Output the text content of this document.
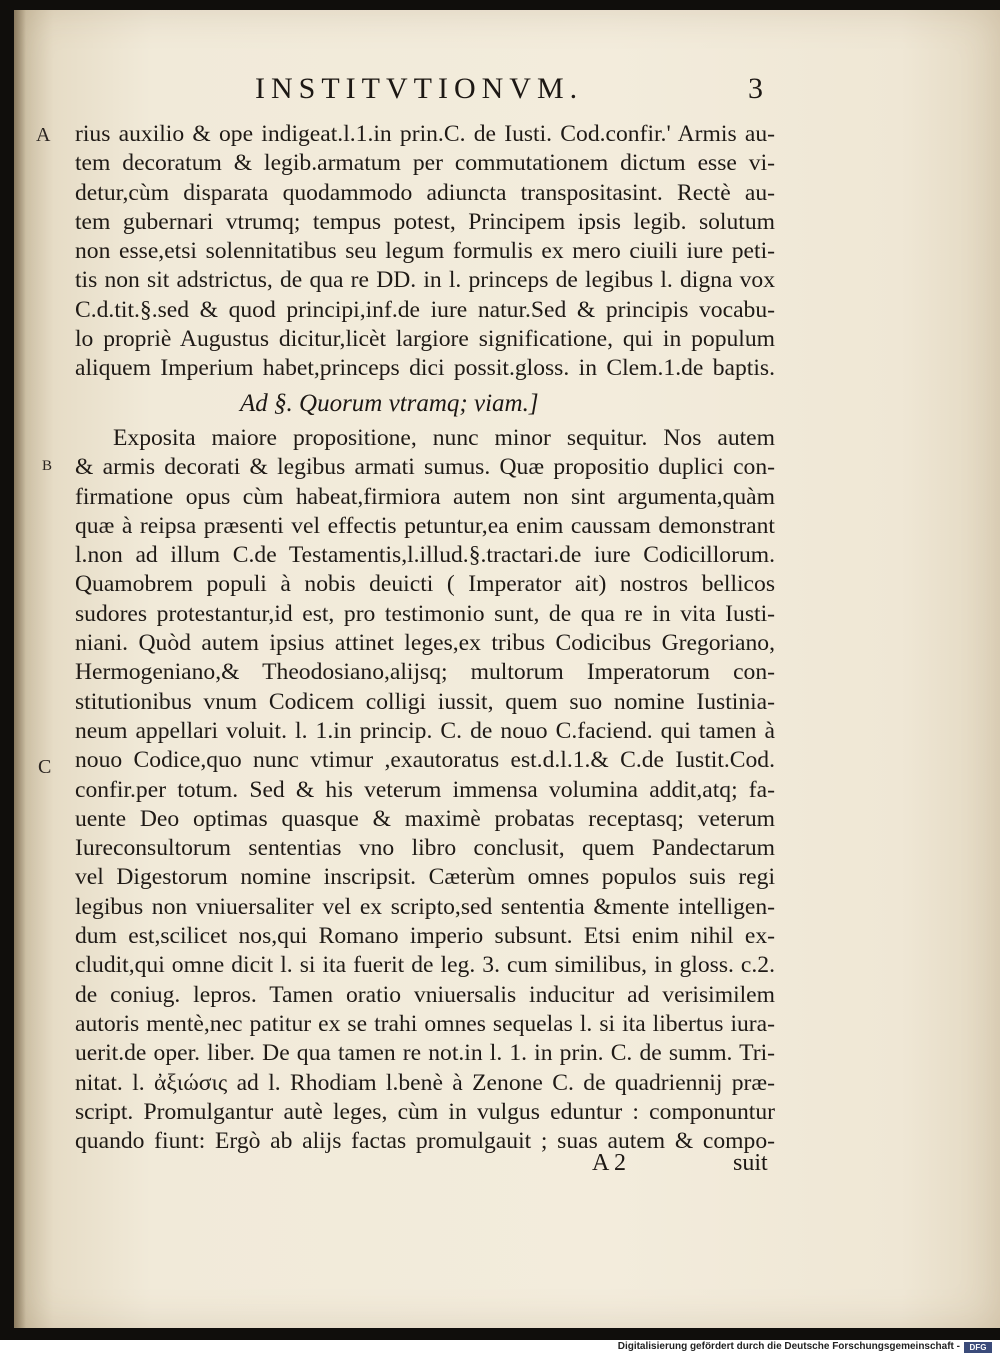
INSTITVTIONVM.	3
A
B
C
rius auxilio & ope indigeat.l.1.in prin.C. de Iusti. Cod.confir.' Armis au-
tem decoratum & legib.armatum per commutationem dictum esse vi-
detur,cùm disparata quodammodo adiuncta transpositasint. Rectè au-
tem gubernari vtrumq; tempus potest, Principem ipsis legib. solutum
non esse,etsi solennitatibus seu legum formulis ex mero ciuili iure peti-
tis non sit adstrictus, de qua re DD. in l. princeps de legibus l. digna vox
C.d.tit.§.sed & quod principi,inf.de iure natur.Sed & principis vocabu-
lo propriè Augustus dicitur,licèt largiore significatione, qui in populum
aliquem Imperium habet,princeps dici possit.gloss. in Clem.1.de baptis.
Ad §. Quorum vtramq; viam.]
Exposita maiore propositione, nunc minor sequitur. Nos autem
& armis decorati & legibus armati sumus. Quæ propositio duplici con-
firmatione opus cùm habeat,firmiora autem non sint argumenta,quàm
quæ à reipsa præsenti vel effectis petuntur,ea enim caussam demonstrant
l.non ad illum C.de Testamentis,l.illud.§.tractari.de iure Codicillorum.
Quamobrem populi à nobis deuicti ( Imperator ait) nostros bellicos
sudores protestantur,id est, pro testimonio sunt, de qua re in vita Iusti-
niani. Quòd autem ipsius attinet leges,ex tribus Codicibus Gregoriano,
Hermogeniano,& Theodosiano,alijsq; multorum Imperatorum con-
stitutionibus vnum Codicem colligi iussit, quem suo nomine Iustinia-
neum appellari voluit. l. 1.in princip. C. de nouo C.faciend. qui tamen à
nouo Codice,quo nunc vtimur ,exautoratus est.d.l.1.& C.de Iustit.Cod.
confir.per totum. Sed & his veterum immensa volumina addit,atq; fa-
uente Deo optimas quasque & maximè probatas receptasq; veterum
Iureconsultorum sententias vno libro conclusit, quem Pandectarum
vel Digestorum nomine inscripsit. Cæterùm omnes populos suis regi
legibus non vniuersaliter vel ex scripto,sed sententia &mente intelligen-
dum est,scilicet nos,qui Romano imperio subsunt. Etsi enim nihil ex-
cludit,qui omne dicit l. si ita fuerit de leg. 3. cum similibus, in gloss. c.2.
de coniug. lepros. Tamen oratio vniuersalis inducitur ad verisimilem
autoris mentè,nec patitur ex se trahi omnes sequelas l. si ita libertus iura-
uerit.de oper. liber. De qua tamen re not.in l. 1. in prin. C. de summ. Tri-
nitat. l. ἀξιώσις ad l. Rhodiam l.benè à Zenone C. de quadriennij præ-
script. Promulgantur autè leges, cùm in vulgus eduntur : componuntur
quando fiunt: Ergò ab alijs factas promulgauit ; suas autem & compo-
A 2	suit
Digitalisierung gefördert durch die Deutsche Forschungsgemeinschaft -	DFG
